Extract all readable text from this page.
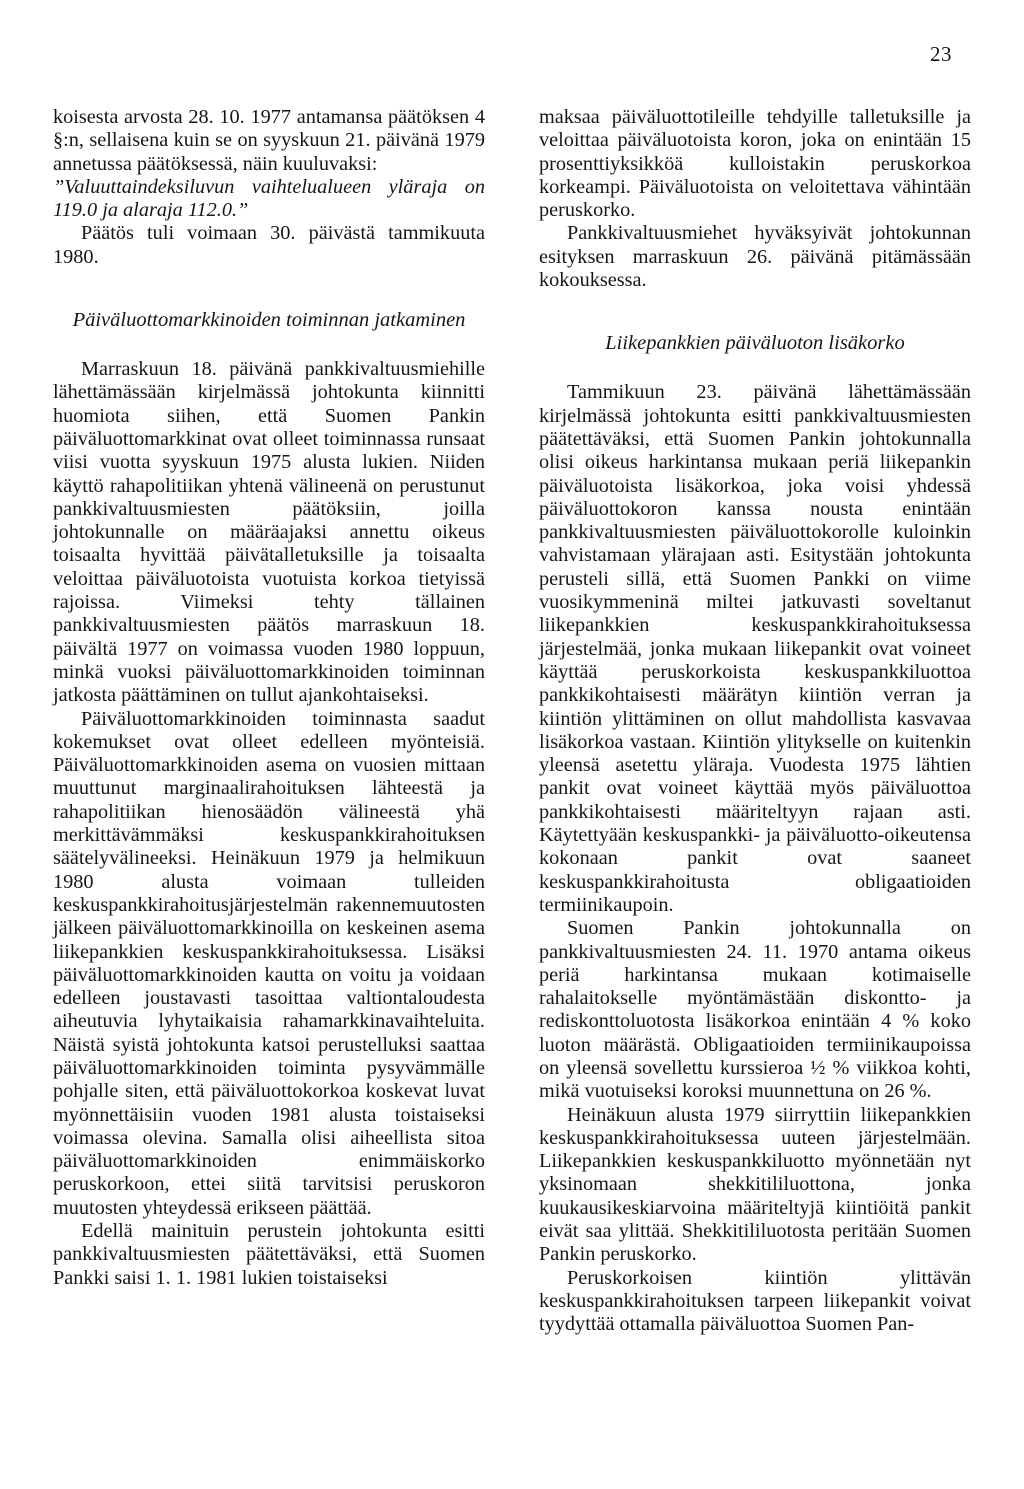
23

koisesta arvosta 28. 10. 1977 antamansa päätöksen 4 §:n, sellaisena kuin se on syyskuun 21. päivänä 1979 annetussa päätöksessä, näin kuuluvaksi:

”Valuuttaindeksiluvun vaihtelualueen yläraja on 119.0 ja alaraja 112.0.”

Päätös tuli voimaan 30. päivästä tammikuuta 1980.

Päiväluottomarkkinoiden toiminnan jatkaminen

Marraskuun 18. päivänä pankkivaltuusmiehille lähettämässään kirjelmässä johtokunta kiinnitti huomiota siihen, että Suomen Pankin päiväluottomarkkinat ovat olleet toiminnassa runsaat viisi vuotta syyskuun 1975 alusta lukien. Niiden käyttö rahapolitiikan yhtenä välineenä on perustunut pankkivaltuusmiesten päätöksiin, joilla johtokunnalle on määräajaksi annettu oikeus toisaalta hyvittää päivätalletuksille ja toisaalta veloittaa päiväluotoista vuotuista korkoa tietyissä rajoissa. Viimeksi tehty tällainen pankkivaltuusmiesten päätös marraskuun 18. päivältä 1977 on voimassa vuoden 1980 loppuun, minkä vuoksi päiväluottomarkkinoiden toiminnan jatkosta päättäminen on tullut ajankohtaiseksi.

Päiväluottomarkkinoiden toiminnasta saadut kokemukset ovat olleet edelleen myönteisiä. Päiväluottomarkkinoiden asema on vuosien mittaan muuttunut marginaalirahoituksen lähteestä ja rahapolitiikan hienosäädön välineestä yhä merkittävämmäksi keskuspankkirahoituksen säätelyvälineeksi. Heinäkuun 1979 ja helmikuun 1980 alusta voimaan tulleiden keskuspankkirahoitusjärjestelmän rakennemuutosten jälkeen päiväluottomarkkinoilla on keskeinen asema liikepankkien keskuspankkirahoituksessa. Lisäksi päiväluottomarkkinoiden kautta on voitu ja voidaan edelleen joustavasti tasoittaa valtiontaloudesta aiheutuvia lyhytaikaisia rahamarkkinavaihteluita. Näistä syistä johtokunta katsoi perustelluksi saattaa päiväluottomarkkinoiden toiminta pysyvämmälle pohjalle siten, että päiväluottokorkoa koskevat luvat myönnettäisiin vuoden 1981 alusta toistaiseksi voimassa olevina. Samalla olisi aiheellista sitoa päiväluottomarkkinoiden enimmäiskorko peruskorkoon, ettei siitä tarvitsisi peruskoron muutosten yhteydessä erikseen päättää.

Edellä mainituin perustein johtokunta esitti pankkivaltuusmiesten päätettäväksi, että Suomen Pankki saisi 1. 1. 1981 lukien toistaiseksi

maksaa päiväluottotileille tehdyille talletuksille ja veloittaa päiväluotoista koron, joka on enintään 15 prosenttiyksikköä kulloistakin peruskorkoa korkeampi. Päiväluotoista on veloitettava vähintään peruskorko.

Pankkivaltuusmiehet hyväksyivät johtokunnan esityksen marraskuun 26. päivänä pitämässään kokouksessa.

Liikepankkien päiväluoton lisäkorko

Tammikuun 23. päivänä lähettämässään kirjelmässä johtokunta esitti pankkivaltuusmiesten päätettäväksi, että Suomen Pankin johtokunnalla olisi oikeus harkintansa mukaan periä liikepankin päiväluotoista lisäkorkoa, joka voisi yhdessä päiväluottokoron kanssa nousta enintään pankkivaltuusmiesten päiväluottokorolle kuloinkin vahvistamaan ylärajaan asti. Esitystään johtokunta perusteli sillä, että Suomen Pankki on viime vuosikymmeninä miltei jatkuvasti soveltanut liikepankkien keskuspankkirahoituksessa järjestelmää, jonka mukaan liikepankit ovat voineet käyttää peruskorkoista keskuspankkiluottoa pankkikohtaisesti määrätyn kiintiön verran ja kiintiön ylittäminen on ollut mahdollista kasvavaa lisäkorkoa vastaan. Kiintiön ylitykselle on kuitenkin yleensä asetettu yläraja. Vuodesta 1975 lähtien pankit ovat voineet käyttää myös päiväluottoa pankkikohtaisesti määriteltyyn rajaan asti. Käytettyään keskuspankki- ja päiväluotto-oikeutensa kokonaan pankit ovat saaneet keskuspankkirahoitusta obligaatioiden termiinikaupoin.

Suomen Pankin johtokunnalla on pankkivaltuusmiesten 24. 11. 1970 antama oikeus periä harkintansa mukaan kotimaiselle rahalaitokselle myöntämästään diskontto- ja rediskonttoluotosta lisäkorkoa enintään 4 % koko luoton määrästä. Obligaatioiden termiinikaupoissa on yleensä sovellettu kurssieroa ½ % viikkoa kohti, mikä vuotuiseksi koroksi muunnettuna on 26 %.

Heinäkuun alusta 1979 siirryttiin liikepankkien keskuspankkirahoituksessa uuteen järjestelmään. Liikepankkien keskuspankkiluotto myönnetään nyt yksinomaan shekkitililuottona, jonka kuukausikeskiarvoina määriteltyjä kiintiöitä pankit eivät saa ylittää. Shekkitililuotosta peritään Suomen Pankin peruskorko.

Peruskorkoisen kiintiön ylittävän keskuspankkirahoituksen tarpeen liikepankit voivat tyydyttää ottamalla päiväluottoa Suomen Pan-
